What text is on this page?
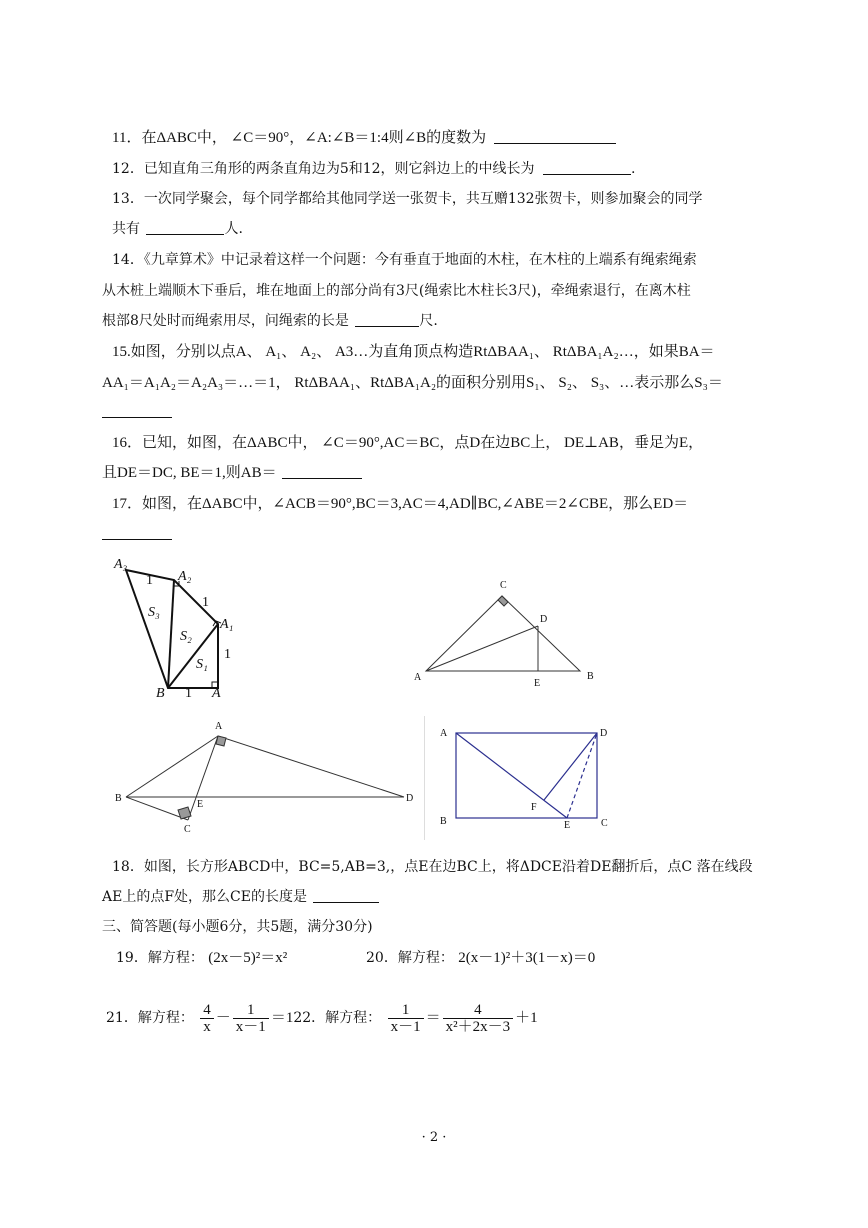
11．在ΔABC中， ∠C＝90°，∠A:∠B＝1:4则∠B的度数为
12．已知直角三角形的两条直角边为5和12，则它斜边上的中线长为	.
13．一次同学聚会，每个同学都给其他同学送一张贺卡，共互赠132张贺卡，则参加聚会的同学
共有	人.
14．《九章算术》中记录着这样一个问题：今有垂直于地面的木柱，在木柱的上端系有绳索绳索
从木桩上端顺木下垂后，堆在地面上的部分尚有3尺(绳索比木柱长3尺)，牵绳索退行，在离木柱
根部8尺处时而绳索用尽，问绳索的长是	尺.
15.如图，分别以点A、 A₁、 A₂、 A3…为直角顶点构造RtΔBAA₁、 RtΔBA₁A₂…，如果BA＝
AA₁＝A₁A₂＝A₂A₃＝…＝1， RtΔBAA₁、RtΔBA₁A₂的面积分别用S₁、 S₂、 S₃、…表示那么S₃＝
16．已知，如图，在ΔABC中， ∠C＝90°,AC＝BC，点D在边BC上， DE⊥AB，垂足为E，
且DE＝DC, BE＝1,则AB＝
17．如图，在ΔABC中，∠ACB＝90°,BC＝3,AC＝4,AD∥BC,∠ABE＝2∠CBE，那么ED＝
A₃
1 A₂
1
A₁
1
S₃
S₂
S₁
B 1 A
C
D
A
E
B
A
B
E
D
C
A	D
B
F
E	C
18．如图，长方形ABCD中，BC=5,AB=3,，点E在边BC上，将ΔDCE沿着DE翻折后，点C 落在线段
AE上的点F处，那么CE的长度是
三、简答题(每小题6分，共5题，满分30分)
19．解方程： (2x－5)²＝x²	20．解方程： 2(x－1)²＋3(1－x)＝0
21．解方程： $\frac{4}{x} - \frac{1}{x-1} =122$．解方程： $\frac{1}{x-1} = \frac{4}{\text{x²＋2x－3}} +1$
· 2 ·
